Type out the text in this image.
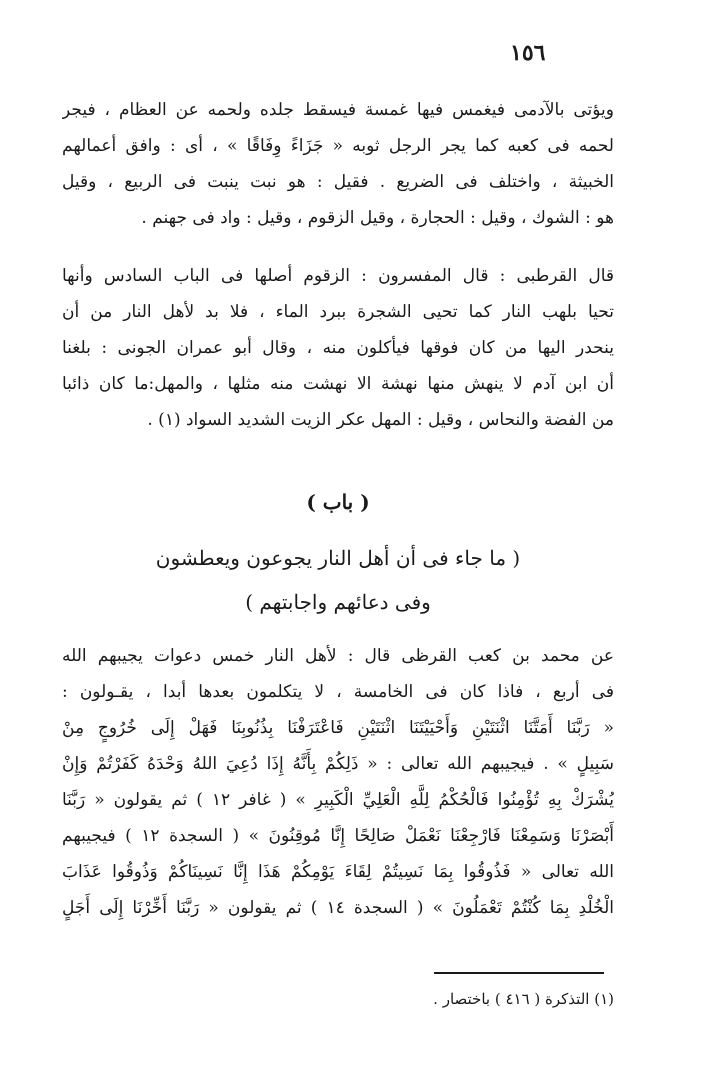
١٥٦
ويؤتى بالآدمى فيغمس فيها غمسة فيسقط جلده ولحمه عن العظام ، فيجر
لحمه فى كعبه كما يجر الرجل ثوبه « جَزَاءً وِفَاقًا » ، أى : وافق أعمالهم
الخبيثة ، واختلف فى الضريع . فقيل : هو نبت ينبت فى الربيع ، وقيل
هو : الشوك ، وقيل : الحجارة ، وقيل الزقوم ، وقيل : واد فى جهنم .
قال القرطبى : قال المفسرون : الزقوم أصلها فى الباب السادس وأنها
تحيا بلهب النار كما تحيى الشجرة ببرد الماء ، فلا بد لأهل النار من أن
ينحدر اليها من كان فوقها فيأكلون منه ، وقال أبو عمران الجونى : بلغنا
أن ابن آدم لا ينهش منها نهشة الا نهشت منه مثلها ، والمهل:ما كان ذائبا
من الفضة والنحاس ، وقيل : المهل عكر الزيت الشديد السواد (١) .
( باب )
( ما جاء فى أن أهل النار يجوعون ويعطشون
وفى دعائهم واجابتهم )
عن محمد بن كعب القرظى قال : لأهل النار خمس دعوات يجيبهم الله
فى أربع ، فاذا كان فى الخامسة ، لا يتكلمون بعدها أبدا ، يقـولون :
« رَبَّنَا أَمَتَّنَا اثْنَتَيْنِ وَأَحْيَيْتَنَا اثْنَتَيْنِ فَاعْتَرَفْنَا بِذُنُوبِنَا فَهَلْ إِلَى خُرُوجٍ مِنْ
سَبِيلٍ » . فيجيبهم الله تعالى : « ذَلِكُمْ بِأَنَّهُ إِذَا دُعِيَ اللهُ وَحْدَهُ كَفَرْتُمْ وَإِنْ
يُشْرَكْ بِهِ تُؤْمِنُوا فَالْحُكْمُ لِلَّهِ الْعَلِيِّ الْكَبِيرِ » ( غافر ١٢ ) ثم يقولون « رَبَّنَا
أَبْصَرْنَا وَسَمِعْنَا فَارْجِعْنَا نَعْمَلْ صَالِحًا إِنَّا مُوقِنُونَ » ( السجدة ١٢ ) فيجيبهم
الله تعالى « فَذُوقُوا بِمَا نَسِيتُمْ لِقَاءَ يَوْمِكُمْ هَذَا إِنَّا نَسِينَاكُمْ وَذُوقُوا عَذَابَ
الْخُلْدِ بِمَا كُنْتُمْ تَعْمَلُونَ » ( السجدة ١٤ ) ثم يقولون « رَبَّنَا أَخِّرْنَا إِلَى أَجَلٍ
(١) التذكرة ( ٤١٦ ) باختصار .
